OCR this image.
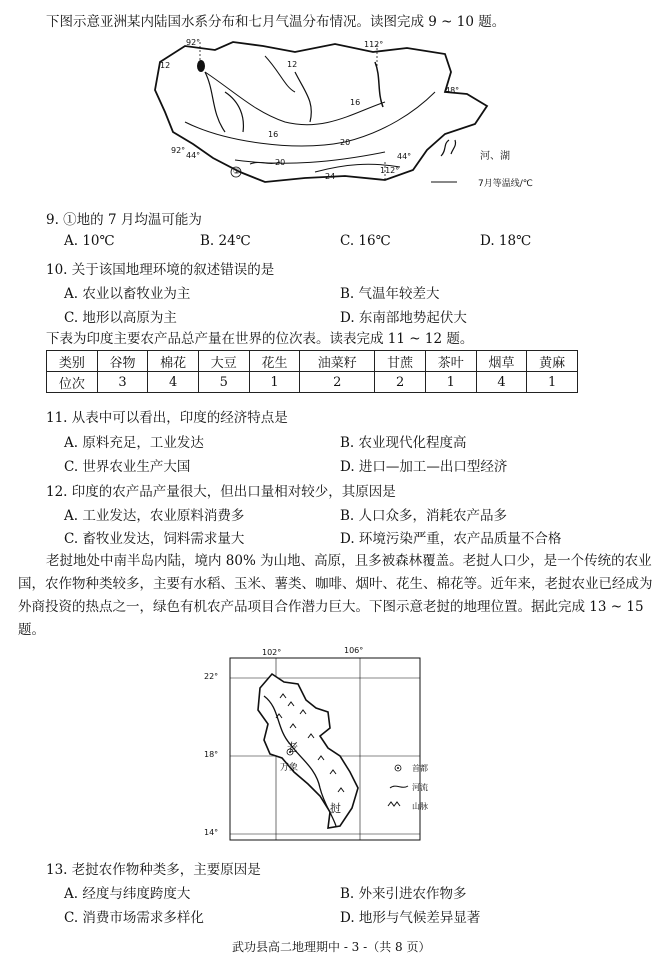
下图示意亚洲某内陆国水系分布和七月气温分布情况。读图完成 9 ~ 10 题。
92°	112°
12	12
16
48°
16
20
20
24
92°
44°	44°
112°
②
河、湖
7月等温线/℃
9. ①地的 7 月均温可能为
A. 10℃	B. 24℃	C. 16℃	D. 18℃
10. 关于该国地理环境的叙述错误的是
A. 农业以畜牧业为主	B. 气温年较差大
C. 地形以高原为主	D. 东南部地势起伏大
下表为印度主要农产品总产量在世界的位次表。读表完成 11 ~ 12 题。
类别	谷物	棉花	大豆	花生	油菜籽	甘蔗	茶叶	烟草	黄麻
位次	3	4	5	1	2	2	1	4	1
11. 从表中可以看出，印度的经济特点是
A. 原料充足，工业发达	B. 农业现代化程度高
C. 世界农业生产大国	D. 进口—加工—出口型经济
12. 印度的农产品产量很大，但出口量相对较少，其原因是
A. 工业发达，农业原料消费多	B. 人口众多，消耗农产品多
C. 畜牧业发达，饲料需求量大	D. 环境污染严重，农产品质量不合格
老挝地处中南半岛内陆，境内 80% 为山地、高原，且多被森林覆盖。老挝人口少，是一个传统的农业国，农作物种类较多，主要有水稻、玉米、薯类、咖啡、烟叶、花生、棉花等。近年来，老挝农业已经成为外商投资的热点之一，绿色有机农产品项目合作潜力巨大。下图示意老挝的地理位置。据此完成 13 ~ 15 题。
102°	106°
22°
18°
14°
万象
老
挝
首都
河流
山脉
13. 老挝农作物种类多，主要原因是
A. 经度与纬度跨度大	B. 外来引进农作物多
C. 消费市场需求多样化	D. 地形与气候差异显著
武功县高二地理期中 - 3 -（共 8 页）
